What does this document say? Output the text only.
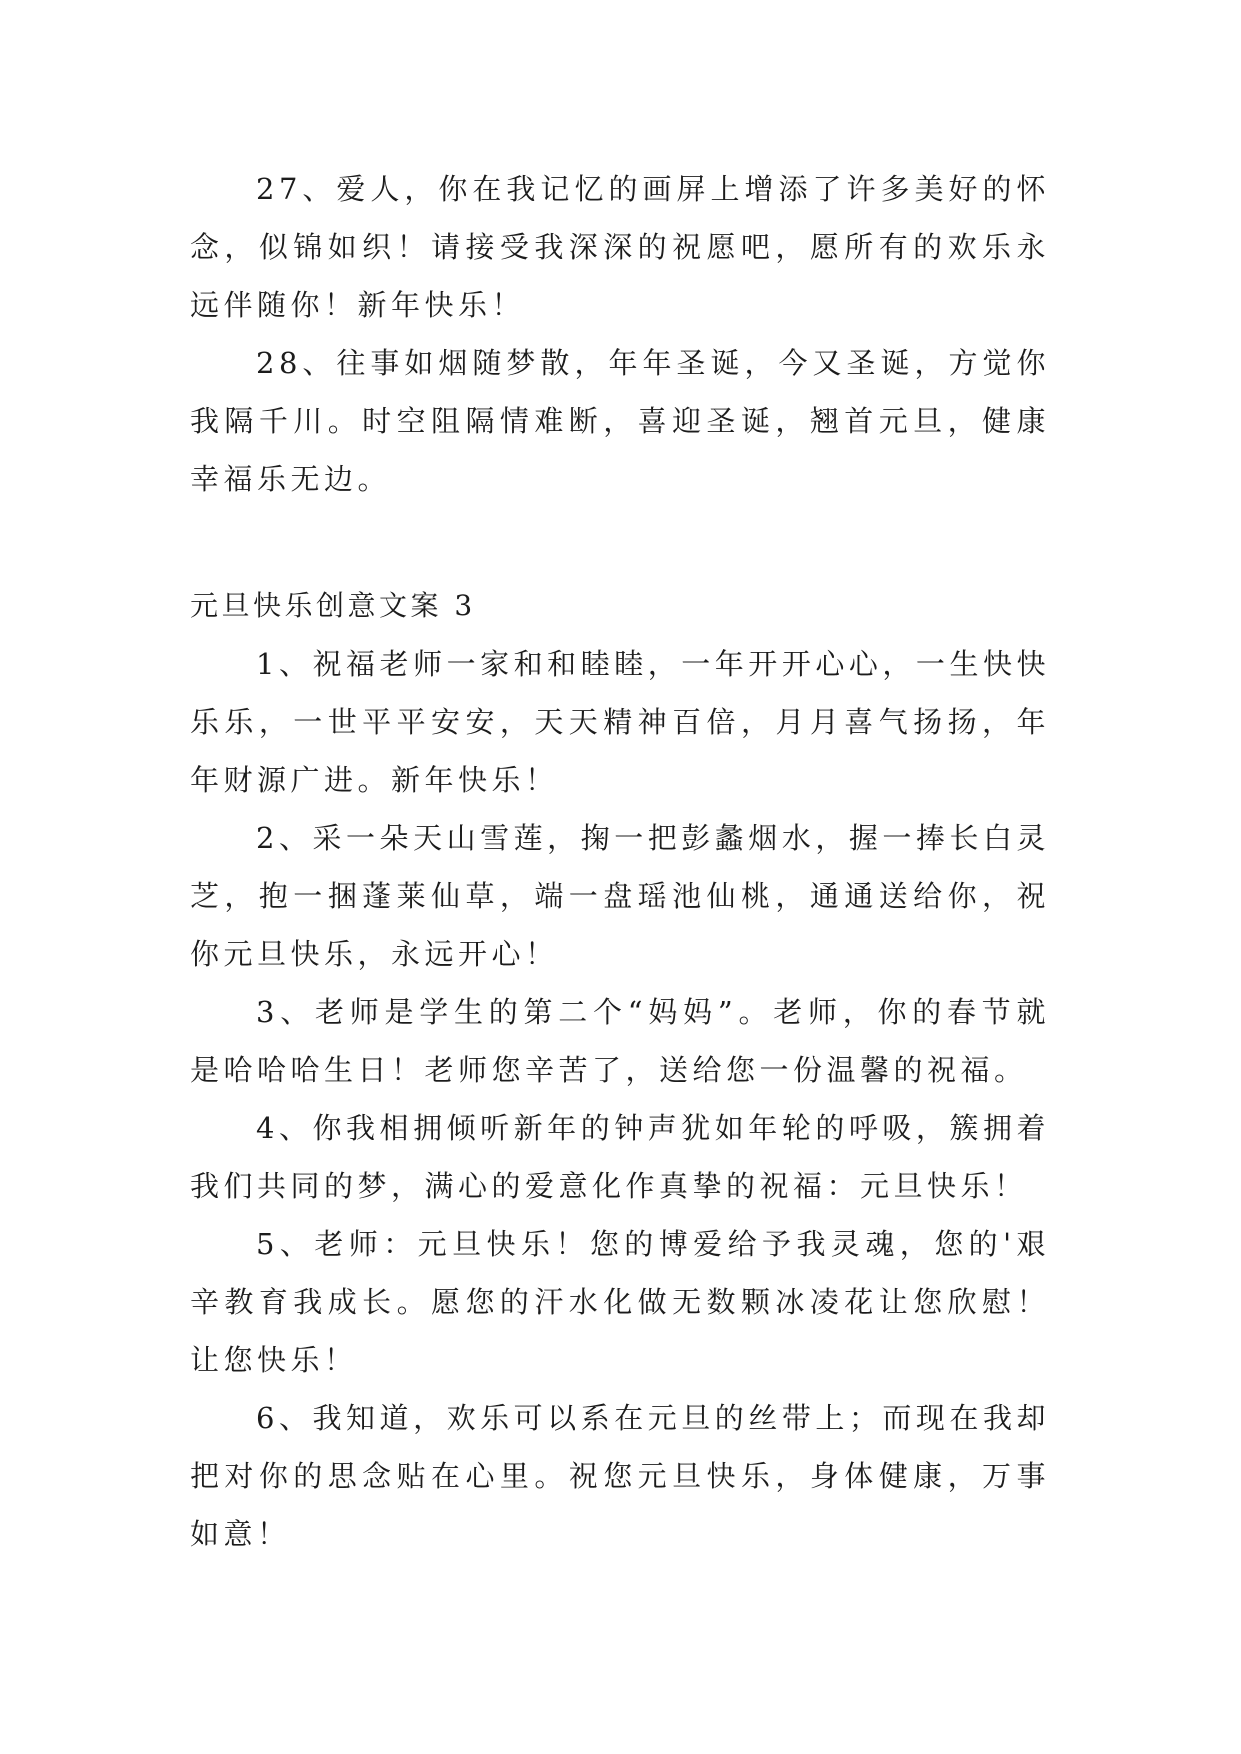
27、爱人，你在我记忆的画屏上增添了许多美好的怀念，似锦如织！请接受我深深的祝愿吧，愿所有的欢乐永远伴随你！新年快乐！

28、往事如烟随梦散，年年圣诞，今又圣诞，方觉你我隔千川。时空阻隔情难断，喜迎圣诞，翘首元旦，健康幸福乐无边。

元旦快乐创意文案 3

1、祝福老师一家和和睦睦，一年开开心心，一生快快乐乐，一世平平安安，天天精神百倍，月月喜气扬扬，年年财源广进。新年快乐！

2、采一朵天山雪莲，掬一把彭蠡烟水，握一捧长白灵芝，抱一捆蓬莱仙草，端一盘瑶池仙桃，通通送给你，祝你元旦快乐，永远开心！

3、老师是学生的第二个“妈妈”。老师，你的春节就是哈哈哈生日！老师您辛苦了，送给您一份温馨的祝福。

4、你我相拥倾听新年的钟声犹如年轮的呼吸，簇拥着我们共同的梦，满心的爱意化作真挚的祝福：元旦快乐！

5、老师：元旦快乐！您的博爱给予我灵魂，您的'艰辛教育我成长。愿您的汗水化做无数颗冰凌花让您欣慰！让您快乐！

6、我知道，欢乐可以系在元旦的丝带上；而现在我却把对你的思念贴在心里。祝您元旦快乐，身体健康，万事如意！
